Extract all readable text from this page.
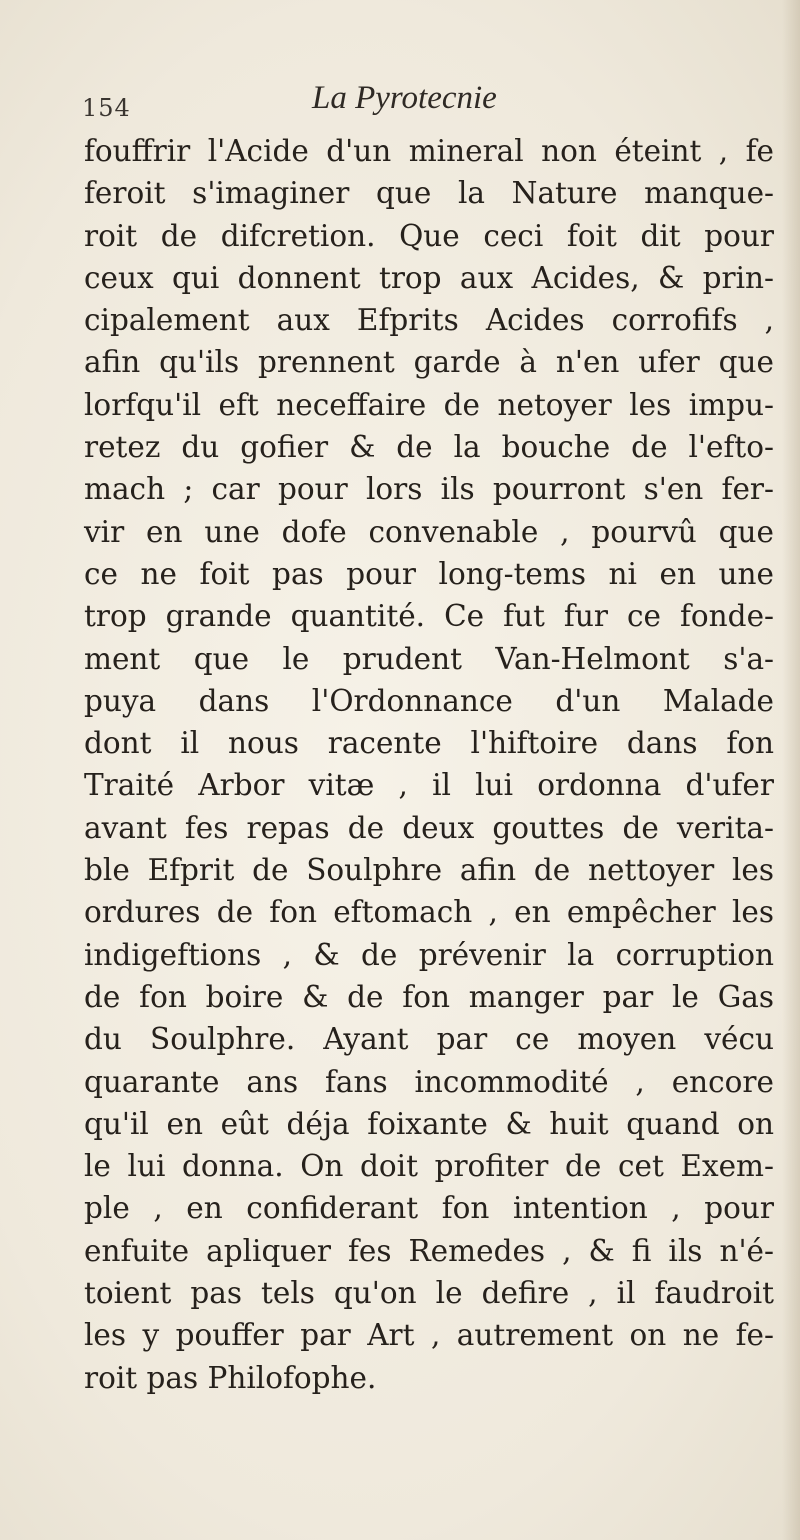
154	La Pyrotecnie
fouffrir l'Acide d'un mineral non éteint , fe
feroit s'imaginer que la Nature manque-
roit de difcretion. Que ceci foit dit pour
ceux qui donnent trop aux Acides, & prin-
cipalement aux Efprits Acides corrofifs ,
afin qu'ils prennent garde à n'en ufer que
lorfqu'il eft neceffaire de netoyer les impu-
retez du gofier & de la bouche de l'efto-
mach ; car pour lors ils pourront s'en fer-
vir en une dofe convenable , pourvû que
ce ne foit pas pour long-tems ni en une
trop grande quantité. Ce fut fur ce fonde-
ment que le prudent Van-Helmont s'a-
puya dans l'Ordonnance d'un Malade
dont il nous racente l'hiftoire dans fon
Traité Arbor vitæ , il lui ordonna d'ufer
avant fes repas de deux gouttes de verita-
ble Efprit de Soulphre afin de nettoyer les
ordures de fon eftomach , en empêcher les
indigeftions , & de prévenir la corruption
de fon boire & de fon manger par le Gas
du Soulphre. Ayant par ce moyen vécu
quarante ans fans incommodité , encore
qu'il en eût déja foixante & huit quand on
le lui donna. On doit profiter de cet Exem-
ple , en confiderant fon intention , pour
enfuite apliquer fes Remedes , & fi ils n'é-
toient pas tels qu'on le defire , il faudroit
les y pouffer par Art , autrement on ne fe-
roit pas Philofophe.
